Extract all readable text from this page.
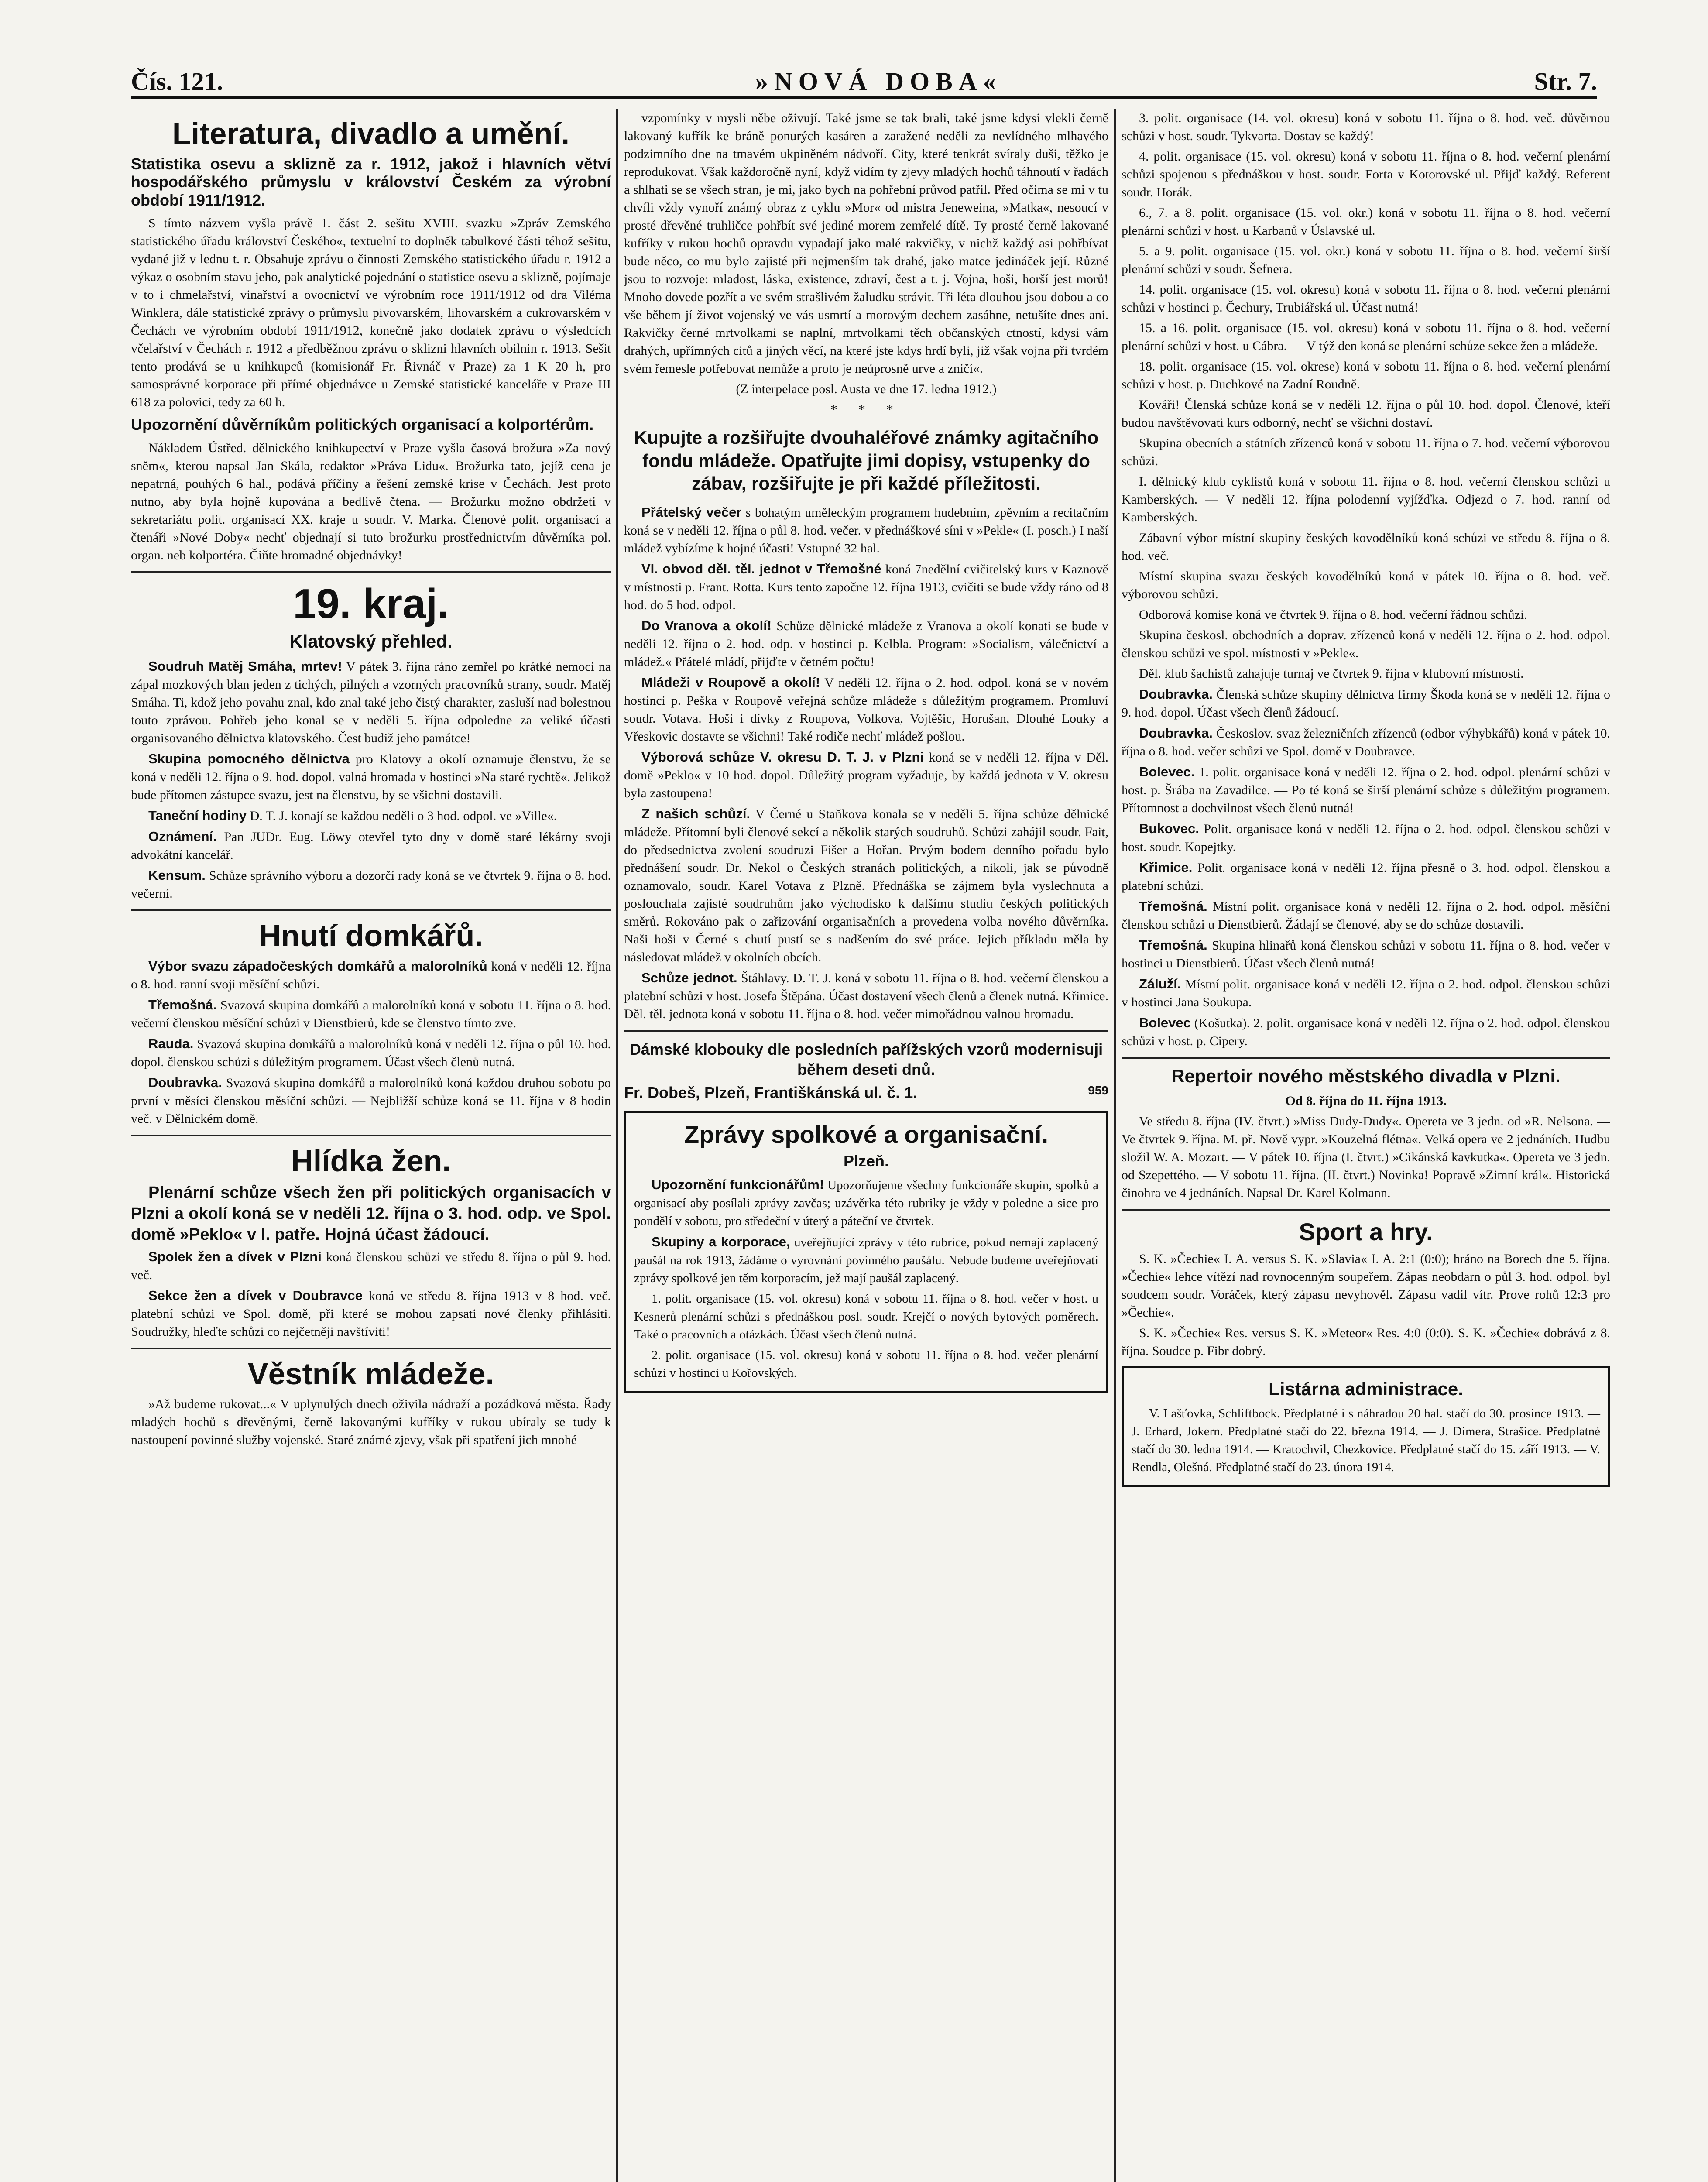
Čís. 121.	»NOVÁ DOBA«	Str. 7.
Literatura, divadlo a umění.
Statistika osevu a sklizně za r. 1912, jakož i hlavních větví hospodářského průmyslu v království Českém za výrobní období 1911/1912.

S tímto názvem vyšla právě 1. část 2. sešitu XVIII. svazku »Zpráv Zemského statistického úřadu království Českého«, textuelní to doplněk tabulkové části téhož sešitu, vydané již v lednu t. r. Obsahuje zprávu o činnosti Zemského statistického úřadu r. 1912 a výkaz o osobním stavu jeho, pak analytické pojednání o statistice osevu a sklizně, pojímaje v to i chmelařství, vinařství a ovocnictví ve výrobním roce 1911/1912 od dra Viléma Winklera, dále statistické zprávy o průmyslu pivovarském, lihovarském a cukrovarském v Čechách ve výrobním období 1911/1912, konečně jako dodatek zprávu o výsledcích včelařství v Čechách r. 1912 a předběžnou zprávu o sklizni hlavních obilnin r. 1913. Sešit tento prodává se u knihkupců (komisionář Fr. Řivnáč v Praze) za 1 K 20 h, pro samosprávné korporace při přímé objednávce u Zemské statistické kanceláře v Praze III 618 za polovici, tedy za 60 h.

Upozornění důvěrníkům politických organisací a kolportérům.

Nákladem Ústřed. dělnického knihkupectví v Praze vyšla časová brožura »Za nový sněm«, kterou napsal Jan Skála, redaktor »Práva Lidu«. Brožurka tato, jejíž cena je nepatrná, pouhých 6 hal., podává příčiny a řešení zemské krise v Čechách. Jest proto nutno, aby byla hojně kupována a bedlivě čtena. — Brožurku možno obdržeti v sekretariátu polit. organisací XX. kraje u soudr. V. Marka. Členové polit. organisací a čtenáři »Nové Doby« nechť objednají si tuto brožurku prostřednictvím důvěrníka pol. organ. neb kolportéra. Čiňte hromadné objednávky!

19. kraj.
Klatovský přehled.

Soudruh Matěj Smáha, mrtev! V pátek 3. října ráno zemřel po krátké nemoci na zápal mozkových blan jeden z tichých, pilných a vzorných pracovníků strany, soudr. Matěj Smáha. Ti, kdož jeho povahu znal, kdo znal také jeho čistý charakter, zasluší nad bolestnou touto zprávou. Pohřeb jeho konal se v neděli 5. října odpoledne za veliké účasti organisovaného dělnictva klatovského. Čest budiž jeho památce!

Skupina pomocného dělnictva pro Klatovy a okolí oznamuje členstvu, že se koná v neděli 12. října o 9. hod. dopol. valná hromada v hostinci »Na staré rychtě«. Jelikož bude přítomen zástupce svazu, jest na členstvu, by se všichni dostavili.

Taneční hodiny D. T. J. konají se každou neděli o 3 hod. odpol. ve »Ville«.

Oznámení. Pan JUDr. Eug. Löwy otevřel tyto dny v domě staré lékárny svoji advokátní kancelář.

Kensum. Schůze správního výboru a dozorčí rady koná se ve čtvrtek 9. října o 8. hod. večerní.

Hnutí domkářů.

Výbor svazu západočeských domkářů a malorolníků koná v neděli 12. října o 8. hod. ranní svoji měsíční schůzi.

Třemošná. Svazová skupina domkářů a malorolníků koná v sobotu 11. října o 8. hod. večerní členskou měsíční schůzi v Dienstbierů, kde se členstvo tímto zve.

Rauda. Svazová skupina domkářů a malorolníků koná v neděli 12. října o půl 10. hod. dopol. členskou schůzi s důležitým programem. Účast všech členů nutná.

Doubravka. Svazová skupina domkářů a malorolníků koná každou druhou sobotu po první v měsíci členskou měsíční schůzi. — Nejbližší schůze koná se 11. října v 8 hodin več. v Dělnickém domě.

Hlídka žen.

Plenární schůze všech žen při politických organisacích v Plzni a okolí koná se v neděli 12. října o 3. hod. odp. ve Spol. domě »Peklo« v I. patře. Hojná účast žádoucí.

Spolek žen a dívek v Plzni koná členskou schůzi ve středu 8. října o půl 9. hod. več.

Sekce žen a dívek v Doubravce koná ve středu 8. října 1913 v 8 hod. več. platební schůzi ve Spol. domě, při které se mohou zapsati nové členky přihlásiti. Soudružky, hleďte schůzi co nejčetněji navštíviti!

Věstník mládeže.

»Až budeme rukovat...« V uplynulých dnech oživila nádraží a pozádková města. Řady mladých hochů s dřevěnými, černě lakovanými kufříky v rukou ubíraly se tudy k nastoupení povinné služby vojenské. Staré známé zjevy, však při spatření jich mnohé

vzpomínky v mysli něbe oživují. Také jsme se tak brali, také jsme kdysi vlekli černě lakovaný kufřík ke bráně ponurých kasáren a zaražené neděli za nevlídného mlhavého podzimního dne na tmavém ukpiněném nádvoří. City, které tenkrát svíraly duši, těžko je reprodukovat. Však každoročně nyní, když vidím ty zjevy mladých hochů táhnoutí v řadách a shlhati se se všech stran, je mi, jako bych na pohřební průvod patřil. Před očima se mi v tu chvíli vždy vynoří známý obraz z cyklu »Mor« od mistra Jeneweina, »Matka«, nesoucí v prosté dřevěné truhličce pohřbít své jediné morem zemřelé dítě. Ty prosté černě lakované kufříky v rukou hochů opravdu vypadají jako malé rakvičky, v nichž každý asi pohřbívat bude něco, co mu bylo zajisté při nejmenším tak drahé, jako matce jedináček její. Různé jsou to rozvoje: mladost, láska, existence, zdraví, čest a t. j. Vojna, hoši, horší jest morů! Mnoho dovede pozřít a ve svém strašlivém žaludku strávit. Tři léta dlouhou jsou dobou a co vše během jí život vojenský ve vás usmrtí a morovým dechem zasáhne, netušíte dnes ani. Rakvičky černé mrtvolkami se naplní, mrtvolkami těch občanských ctností, kdysi vám drahých, upřímných citů a jiných věcí, na které jste kdys hrdí byli, již však vojna při tvrdém svém řemesle potřebovat nemůže a proto je neúprosně urve a zničí«.

(Z interpelace posl. Austa ve dne 17. ledna 1912.)

* * *
Kupujte a rozšiřujte dvouhaléřové známky agitačního fondu mládeže. Opatřujte jimi dopisy, vstupenky do zábav, rozšiřujte je při každé příležitosti.

Přátelský večer s bohatým uměleckým programem hudebním, zpěvním a recitačním koná se v neděli 12. října o půl 8. hod. večer. v přednáškové síni v »Pekle« (I. posch.) I naší mládež vybízíme k hojné účasti! Vstupné 32 hal.

VI. obvod děl. těl. jednot v Třemošné koná 7nedělní cvičitelský kurs v Kaznově v místnosti p. Frant. Rotta. Kurs tento započne 12. října 1913, cvičiti se bude vždy ráno od 8 hod. do 5 hod. odpol.

Do Vranova a okolí! Schůze dělnické mládeže z Vranova a okolí konati se bude v neděli 12. října o 2. hod. odp. v hostinci p. Kelbla. Program: »Socialism, válečnictví a mládež.« Přátelé mládí, přijďte v četném počtu!

Mládeži v Roupově a okolí! V neděli 12. října o 2. hod. odpol. koná se v novém hostinci p. Peška v Roupově veřejná schůze mládeže s důležitým programem. Promluví soudr. Votava. Hoši i dívky z Roupova, Volkova, Vojtěšic, Horušan, Dlouhé Louky a Vřeskovic dostavte se všichni! Také rodiče nechť mládež pošlou.

Výborová schůze V. okresu D. T. J. v Plzni koná se v neděli 12. října v Děl. domě »Peklo« v 10 hod. dopol. Důležitý program vyžaduje, by každá jednota v V. okresu byla zastoupena!

Z našich schůzí. V Černé u Staňkova konala se v neděli 5. října schůze dělnické mládeže. Přítomní byli členové sekcí a několik starých soudruhů. Schůzi zahájil soudr. Fait, do předsednictva zvolení soudruzi Fišer a Hořan. Prvým bodem denního pořadu bylo přednášení soudr. Dr. Nekol o Českých stranách politických, a nikoli, jak se původně oznamovalo, soudr. Karel Votava z Plzně. Přednáška se zájmem byla vyslechnuta a poslouchala zajisté soudruhům jako východisko k dalšímu studiu českých politických směrů. Rokováno pak o zařizování organisačních a provedena volba nového důvěrníka. Naši hoši v Černé s chutí pustí se s nadšením do své práce. Jejich příkladu měla by následovat mládež v okolních obcích.

Schůze jednot. Štáhlavy. D. T. J. koná v sobotu 11. října o 8. hod. večerní členskou a platební schůzi v host. Josefa Štěpána. Účast dostavení všech členů a členek nutná. Křimice. Děl. těl. jednota koná v sobotu 11. října o 8. hod. večer mimořádnou valnou hromadu.

Dámské klobouky dle posledních pařížských vzorů modernisuji během deseti dnů.
Fr. Dobeš, Plzeň, Františkánská ul. č. 1.	959
Zprávy spolkové a organisační.
Plzeň.

Upozornění funkcionářům! Upozorňujeme všechny funkcionáře skupin, spolků a organisací aby posílali zprávy zavčas; uzávěrka této rubriky je vždy v poledne a sice pro pondělí v sobotu, pro středeční v úterý a páteční ve čtvrtek.

Skupiny a korporace, uveřejňující zprávy v této rubrice, pokud nemají zaplacený paušál na rok 1913, žádáme o vyrovnání povinného paušálu. Nebude budeme uveřejňovati zprávy spolkové jen těm korporacím, jež mají paušál zaplacený.

1. polit. organisace (15. vol. okresu) koná v sobotu 11. října o 8. hod. večer v host. u Kesnerů plenární schůzi s přednáškou posl. soudr. Krejčí o nových bytových poměrech. Také o pracovních a otázkách. Účast všech členů nutná.

2. polit. organisace (15. vol. okresu) koná v sobotu 11. října o 8. hod. večer plenární schůzi v hostinci u Kořovských.

3. polit. organisace (14. vol. okresu) koná v sobotu 11. října o 8. hod. več. důvěrnou schůzi v host. soudr. Tykvarta. Dostav se každý!

4. polit. organisace (15. vol. okresu) koná v sobotu 11. října o 8. hod. večerní plenární schůzi spojenou s přednáškou v host. soudr. Forta v Kotorovské ul. Přijď každý. Referent soudr. Horák.

6., 7. a 8. polit. organisace (15. vol. okr.) koná v sobotu 11. října o 8. hod. večerní plenární schůzi v host. u Karbanů v Úslavské ul.

5. a 9. polit. organisace (15. vol. okr.) koná v sobotu 11. října o 8. hod. večerní širší plenární schůzi v soudr. Šefnera.

14. polit. organisace (15. vol. okresu) koná v sobotu 11. října o 8. hod. večerní plenární schůzi v hostinci p. Čechury, Trubiářská ul. Účast nutná!

15. a 16. polit. organisace (15. vol. okresu) koná v sobotu 11. října o 8. hod. večerní plenární schůzi v host. u Cábra. — V týž den koná se plenární schůze sekce žen a mládeže.

18. polit. organisace (15. vol. okrese) koná v sobotu 11. října o 8. hod. večerní plenární schůzi v host. p. Duchkové na Zadní Roudně.

Kováři! Členská schůze koná se v neděli 12. října o půl 10. hod. dopol. Členové, kteří budou navštěvovati kurs odborný, nechť se všichni dostaví.

Skupina obecních a státních zřízenců koná v sobotu 11. října o 7. hod. večerní výborovou schůzi.

I. dělnický klub cyklistů koná v sobotu 11. října o 8. hod. večerní členskou schůzi u Kamberských. — V neděli 12. října polodenní vyjížďka. Odjezd o 7. hod. ranní od Kamberských.

Zábavní výbor místní skupiny českých kovodělníků koná schůzi ve středu 8. října o 8. hod. več.

Místní skupina svazu českých kovodělníků koná v pátek 10. října o 8. hod. več. výborovou schůzi.

Odborová komise koná ve čtvrtek 9. října o 8. hod. večerní řádnou schůzi.

Skupina českosl. obchodních a doprav. zřízenců koná v neděli 12. října o 2. hod. odpol. členskou schůzi ve spol. místnosti v »Pekle«.

Děl. klub šachistů zahajuje turnaj ve čtvrtek 9. října v klubovní místnosti.

Doubravka. Členská schůze skupiny dělnictva firmy Škoda koná se v neděli 12. října o 9. hod. dopol. Účast všech členů žádoucí.

Doubravka. Českoslov. svaz železničních zřízenců (odbor výhybkářů) koná v pátek 10. října o 8. hod. večer schůzi ve Spol. domě v Doubravce.

Bolevec. 1. polit. organisace koná v neděli 12. října o 2. hod. odpol. plenární schůzi v host. p. Šrába na Zavadilce. — Po té koná se širší plenární schůze s důležitým programem. Přítomnost a dochvilnost všech členů nutná!

Bukovec. Polit. organisace koná v neděli 12. října o 2. hod. odpol. členskou schůzi v host. soudr. Kopejtky.

Křimice. Polit. organisace koná v neděli 12. října přesně o 3. hod. odpol. členskou a platební schůzi.

Třemošná. Místní polit. organisace koná v neděli 12. října o 2. hod. odpol. měsíční členskou schůzi u Dienstbierů. Žádají se členové, aby se do schůze dostavili.

Třemošná. Skupina hlinařů koná členskou schůzi v sobotu 11. října o 8. hod. večer v hostinci u Dienstbierů. Účast všech členů nutná!

Záluží. Místní polit. organisace koná v neděli 12. října o 2. hod. odpol. členskou schůzi v hostinci Jana Soukupa.

Bolevec (Košutka). 2. polit. organisace koná v neděli 12. října o 2. hod. odpol. členskou schůzi v host. p. Cipery.

Repertoir nového městského divadla v Plzni.

Od 8. října do 11. října 1913.

Ve středu 8. října (IV. čtvrt.) »Miss Dudy-Dudy«. Opereta ve 3 jedn. od »R. Nelsona. — Ve čtvrtek 9. října. M. př. Nově vypr. »Kouzelná flétna«. Velká opera ve 2 jednáních. Hudbu složil W. A. Mozart. — V pátek 10. října (I. čtvrt.) »Cikánská kavkutka«. Opereta ve 3 jedn. od Szepettého. — V sobotu 11. října. (II. čtvrt.) Novinka! Popravě »Zimní král«. Historická činohra ve 4 jednáních. Napsal Dr. Karel Kolmann.

Sport a hry.

S. K. »Čechie« I. A. versus S. K. »Slavia« I. A. 2:1 (0:0); hráno na Borech dne 5. října. »Čechie« lehce vítězí nad rovnocenným soupeřem. Zápas neobdarn o půl 3. hod. odpol. byl soudcem soudr. Voráček, který zápasu nevyhověl. Zápasu vadil vítr. Prove rohů 12:3 pro »Čechie«.

S. K. »Čechie« Res. versus S. K. »Meteor« Res. 4:0 (0:0). S. K. »Čechie« dobrává z 8. října. Soudce p. Fibr dobrý.

Listárna administrace.

V. Lašťovka, Schliftbock. Předplatné i s náhradou 20 hal. stačí do 30. prosince 1913. — J. Erhard, Jokern. Předplatné stačí do 22. března 1914. — J. Dimera, Strašice. Předplatné stačí do 30. ledna 1914. — Kratochvil, Chezkovice. Předplatné stačí do 15. září 1913. — V. Rendla, Olešná. Předplatné stačí do 23. února 1914.
